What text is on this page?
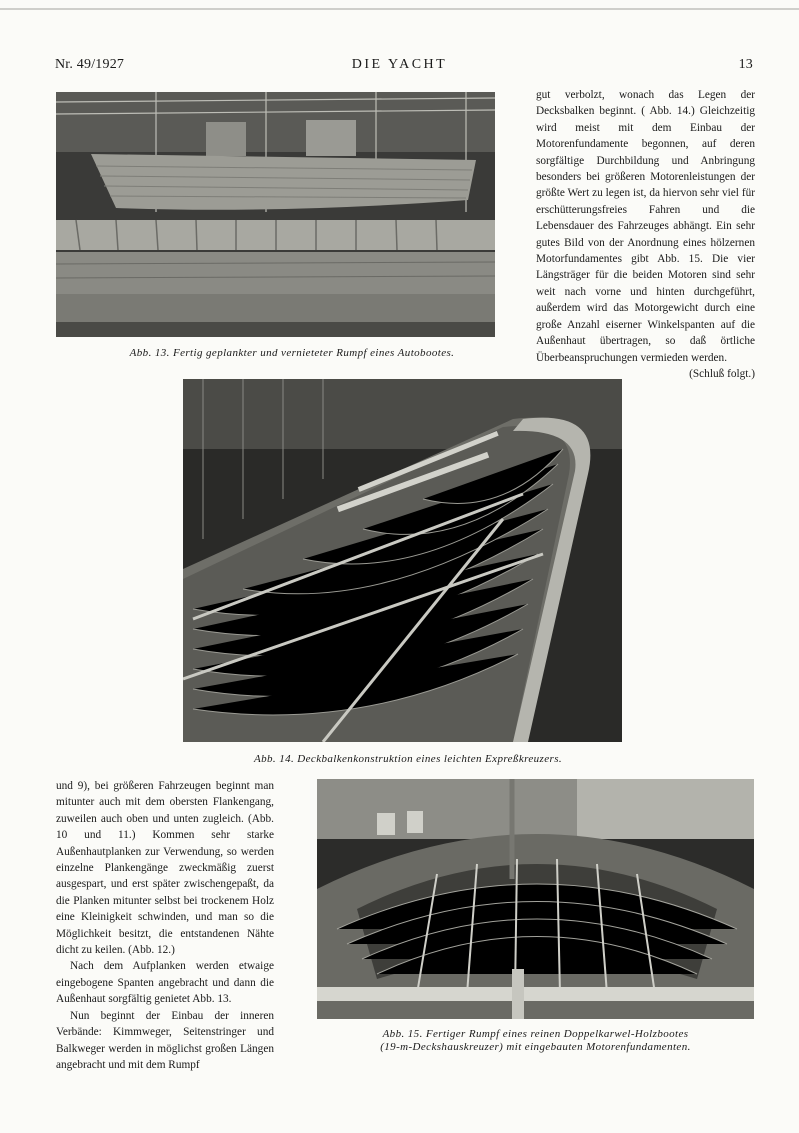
Nr. 49/1927	DIE YACHT	13
Abb. 13. Fertig geplankter und vernieteter Rumpf eines Autobootes.

gut verbolzt, wonach das Legen der Decksbalken beginnt. ( Abb. 14.) Gleichzeitig wird meist mit dem Einbau der Motorenfundamente begonnen, auf deren sorgfältige Durchbildung und Anbringung besonders bei größeren Motorenleistungen der größte Wert zu legen ist, da hiervon sehr viel für erschütterungsfreies Fahren und die Lebensdauer des Fahrzeuges abhängt. Ein sehr gutes Bild von der Anordnung eines hölzernen Motorfundamentes gibt Abb. 15. Die vier Längsträger für die beiden Motoren sind sehr weit nach vorne und hinten durchgeführt, außerdem wird das Motorgewicht durch eine große Anzahl eiserner Winkelspanten auf die Außenhaut übertragen, so daß örtliche Überbeanspruchungen vermieden werden.

(Schluß folgt.)

Abb. 14. Deckbalkenkonstruktion eines leichten Expreßkreuzers.

und 9), bei größeren Fahrzeugen beginnt man mitunter auch mit dem obersten Flankengang, zuweilen auch oben und unten zugleich. (Abb. 10 und 11.) Kommen sehr starke Außenhautplanken zur Verwendung, so werden einzelne Plankengänge zweckmäßig zuerst ausgespart, und erst später zwischengepaßt, da die Planken mitunter selbst bei trockenem Holz eine Kleinigkeit schwinden, und man so die Möglichkeit besitzt, die entstandenen Nähte dicht zu keilen. (Abb. 12.)

Nach dem Aufplanken werden etwaige eingebogene Spanten angebracht und dann die Außenhaut sorgfältig genietet Abb. 13.

Nun beginnt der Einbau der inneren Verbände: Kimmweger, Seitenstringer und Balkweger werden in möglichst großen Längen angebracht und mit dem Rumpf

Abb. 15. Fertiger Rumpf eines reinen Doppelkarwel-Holzbootes
(19-m-Deckshauskreuzer) mit eingebauten Motorenfundamenten.
